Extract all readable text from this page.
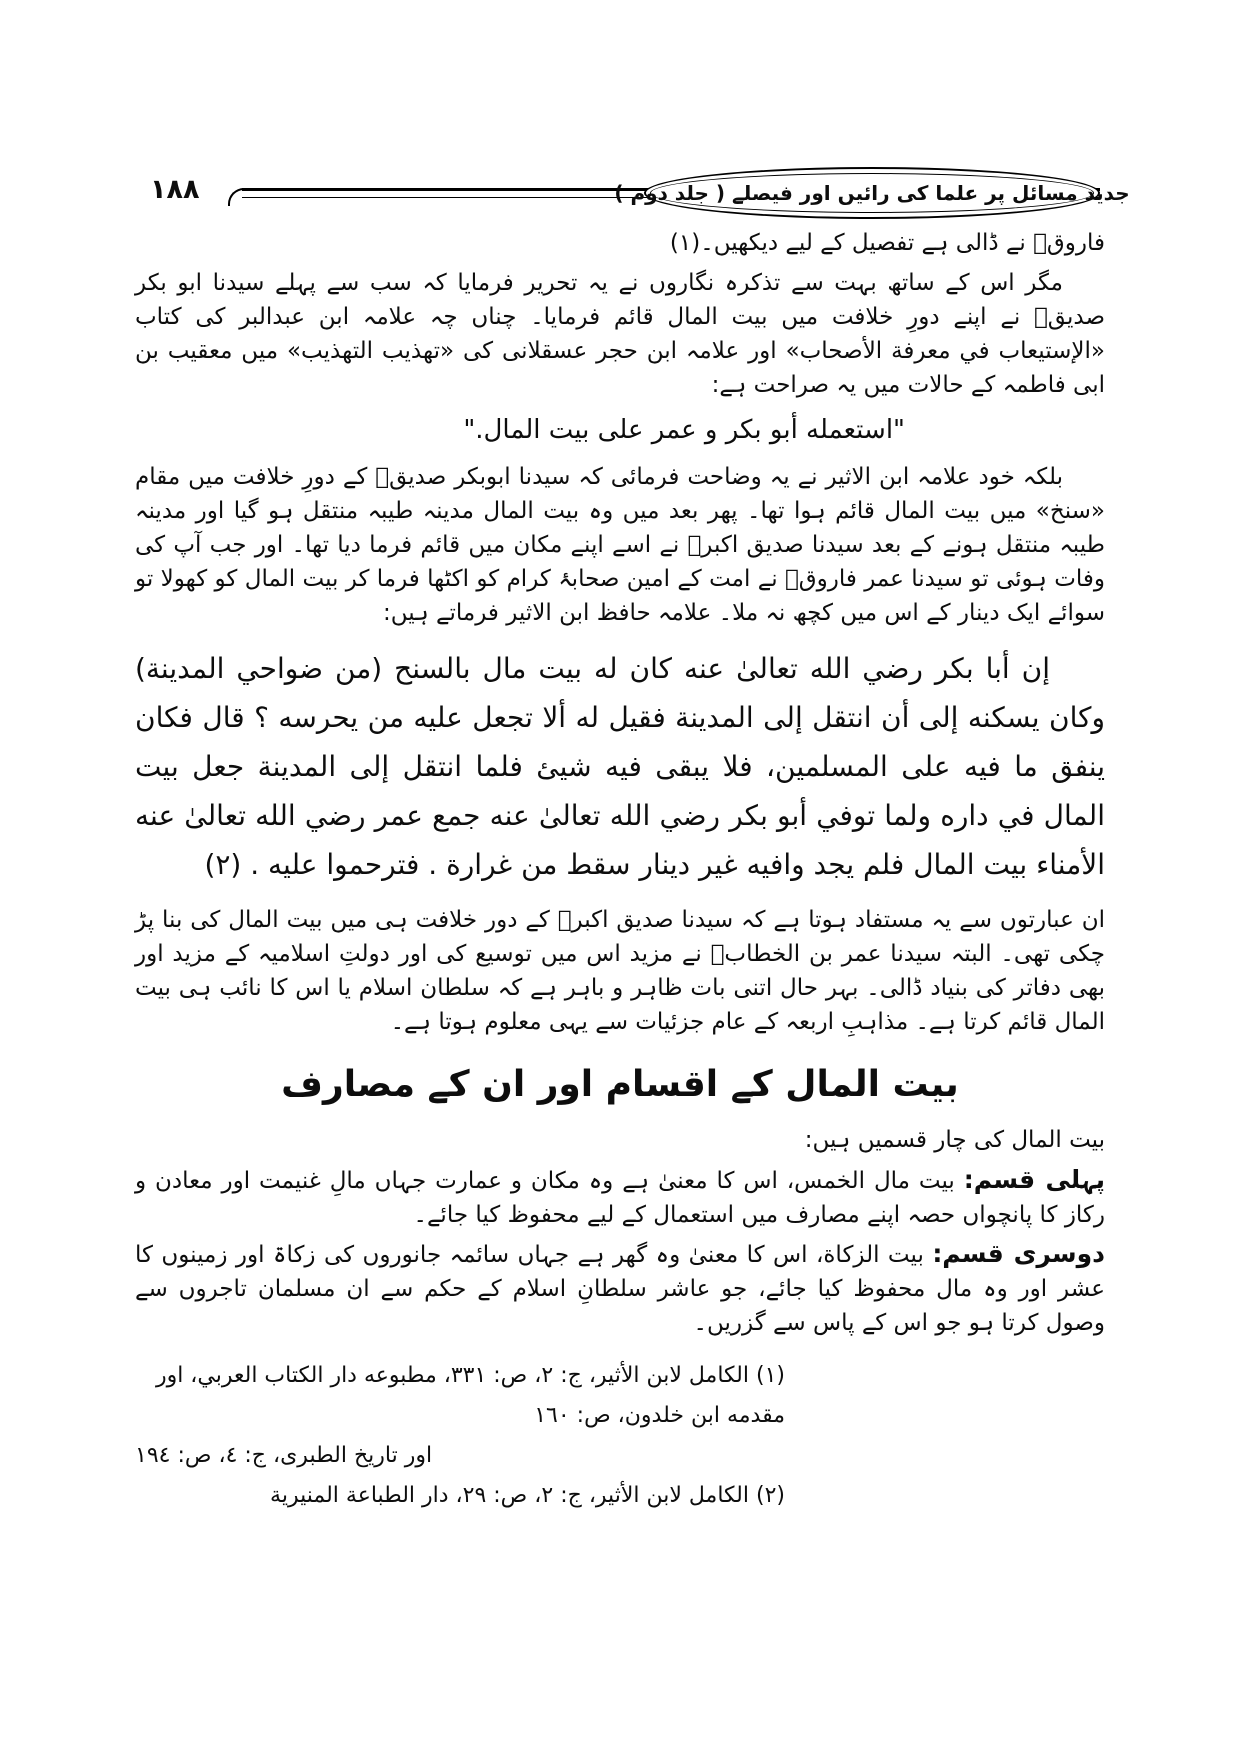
١٨٨	جدید مسائل پر علما کی رائیں اور فیصلے ( جلد دوم )

فاروقؓ نے ڈالی ہے تفصیل کے لیے دیکھیں۔(۱)

مگر اس کے ساتھ بہت سے تذکرہ نگاروں نے یہ تحریر فرمایا کہ سب سے پہلے سیدنا ابو بکر صدیقؓ نے اپنے دورِ خلافت میں بیت المال قائم فرمایا۔ چناں چہ علامہ ابن عبدالبر کی کتاب «الإستيعاب في معرفة الأصحاب» اور علامہ ابن حجر عسقلانی کی «تهذيب التهذيب» میں معقیب بن ابی فاطمہ کے حالات میں یہ صراحت ہے:

"استعمله أبو بكر و عمر على بيت المال."

بلکہ خود علامہ ابن الاثیر نے یہ وضاحت فرمائی کہ سیدنا ابوبکر صدیقؓ کے دورِ خلافت میں مقام «سنخ» میں بیت المال قائم ہوا تھا۔ پھر بعد میں وہ بیت المال مدینہ طیبہ منتقل ہو گیا اور مدینہ طیبہ منتقل ہونے کے بعد سیدنا صدیق اکبرؓ نے اسے اپنے مکان میں قائم فرما دیا تھا۔ اور جب آپ کی وفات ہوئی تو سیدنا عمر فاروقؓ نے امت کے امین صحابۂ کرام کو اکٹھا فرما کر بیت المال کو کھولا تو سوائے ایک دینار کے اس میں کچھ نہ ملا۔ علامہ حافظ ابن الاثیر فرماتے ہیں:

إن أبا بكر رضي الله تعالىٰ عنه كان له بيت مال بالسنح (من ضواحي المدينة) وكان يسكنه إلى أن انتقل إلى المدينة فقيل له ألا تجعل عليه من يحرسه ؟ قال فكان ينفق ما فيه على المسلمين، فلا يبقى فيه شيئ فلما انتقل إلى المدينة جعل بيت المال في داره ولما توفي أبو بكر رضي الله تعالىٰ عنه جمع عمر رضي الله تعالىٰ عنه الأمناء بيت المال فلم يجد وافيه غير دينار سقط من غرارة . فترحموا عليه . (۲)

ان عبارتوں سے یہ مستفاد ہوتا ہے کہ سیدنا صدیق اکبرؓ کے دور خلافت ہی میں بیت المال کی بنا پڑ چکی تھی۔ البتہ سیدنا عمر بن الخطابؓ نے مزید اس میں توسیع کی اور دولتِ اسلامیہ کے مزید اور بھی دفاتر کی بنیاد ڈالی۔ بہر حال اتنی بات ظاہر و باہر ہے کہ سلطان اسلام یا اس کا نائب ہی بیت المال قائم کرتا ہے۔ مذاہبِ اربعہ کے عام جزئیات سے یہی معلوم ہوتا ہے۔

بیت المال کے اقسام اور ان کے مصارف

بیت المال کی چار قسمیں ہیں:

پہلی قسم: بیت مال الخمس، اس کا معنیٰ ہے وہ مکان و عمارت جہاں مالِ غنیمت اور معادن و رکاز کا پانچواں حصہ اپنے مصارف میں استعمال کے لیے محفوظ کیا جائے۔

دوسری قسم: بیت الزكاة، اس کا معنیٰ وہ گھر ہے جہاں سائمہ جانوروں کی زکاۃ اور زمینوں کا عشر اور وہ مال محفوظ کیا جائے، جو عاشر سلطانِ اسلام کے حکم سے ان مسلمان تاجروں سے وصول کرتا ہو جو اس کے پاس سے گزریں۔

(۱) الكامل لابن الأثير، ج: ٢، ص: ٣٣١، مطبوعه دار الكتاب العربي، اور مقدمه ابن خلدون، ص: ١٦٠
اور تاریخ الطبری، ج: ٤، ص: ١٩٤
(۲) الكامل لابن الأثير، ج: ٢، ص: ٢٩، دار الطباعة المنيرية
